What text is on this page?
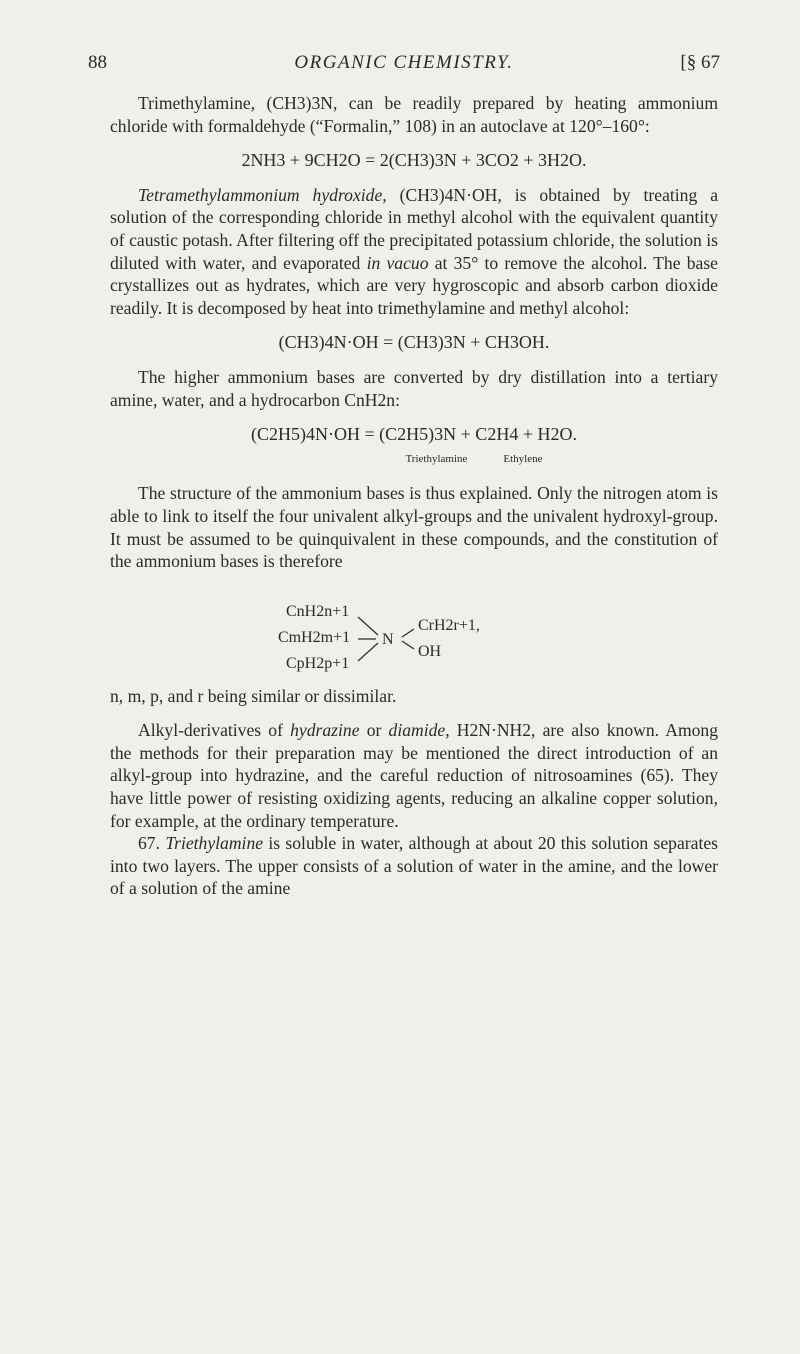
88	ORGANIC CHEMISTRY.	[§ 67

Trimethylamine, (CH3)3N, can be readily prepared by heating ammonium chloride with formaldehyde (“Formalin,” 108) in an autoclave at 120°–160°:

2NH3 + 9CH2O = 2(CH3)3N + 3CO2 + 3H2O.

Tetramethylammonium hydroxide, (CH3)4N·OH, is obtained by treating a solution of the corresponding chloride in methyl alcohol with the equivalent quantity of caustic potash. After filtering off the precipitated potassium chloride, the solution is diluted with water, and evaporated in vacuo at 35° to remove the alcohol. The base crystallizes out as hydrates, which are very hygroscopic and absorb carbon dioxide readily. It is decomposed by heat into trimethylamine and methyl alcohol:

(CH3)4N·OH = (CH3)3N + CH3OH.

The higher ammonium bases are converted by dry distillation into a tertiary amine, water, and a hydrocarbon CnH2n:

(C2H5)4N·OH = (C2H5)3N + C2H4 + H2O.
Triethylamine	Ethylene

The structure of the ammonium bases is thus explained. Only the nitrogen atom is able to link to itself the four univalent alkyl-groups and the univalent hydroxyl-group. It must be assumed to be quinquivalent in these compounds, and the constitution of the ammonium bases is therefore

CnH2n+1
CmH2m+1
CpH2p+1
N
CrH2r+1,
OH

n, m, p, and r being similar or dissimilar.

Alkyl-derivatives of hydrazine or diamide, H2N·NH2, are also known. Among the methods for their preparation may be mentioned the direct introduction of an alkyl-group into hydrazine, and the careful reduction of nitrosoamines (65). They have little power of resisting oxidizing agents, reducing an alkaline copper solution, for example, at the ordinary temperature.

67. Triethylamine is soluble in water, although at about 20 this solution separates into two layers. The upper consists of a solution of water in the amine, and the lower of a solution of the amine
